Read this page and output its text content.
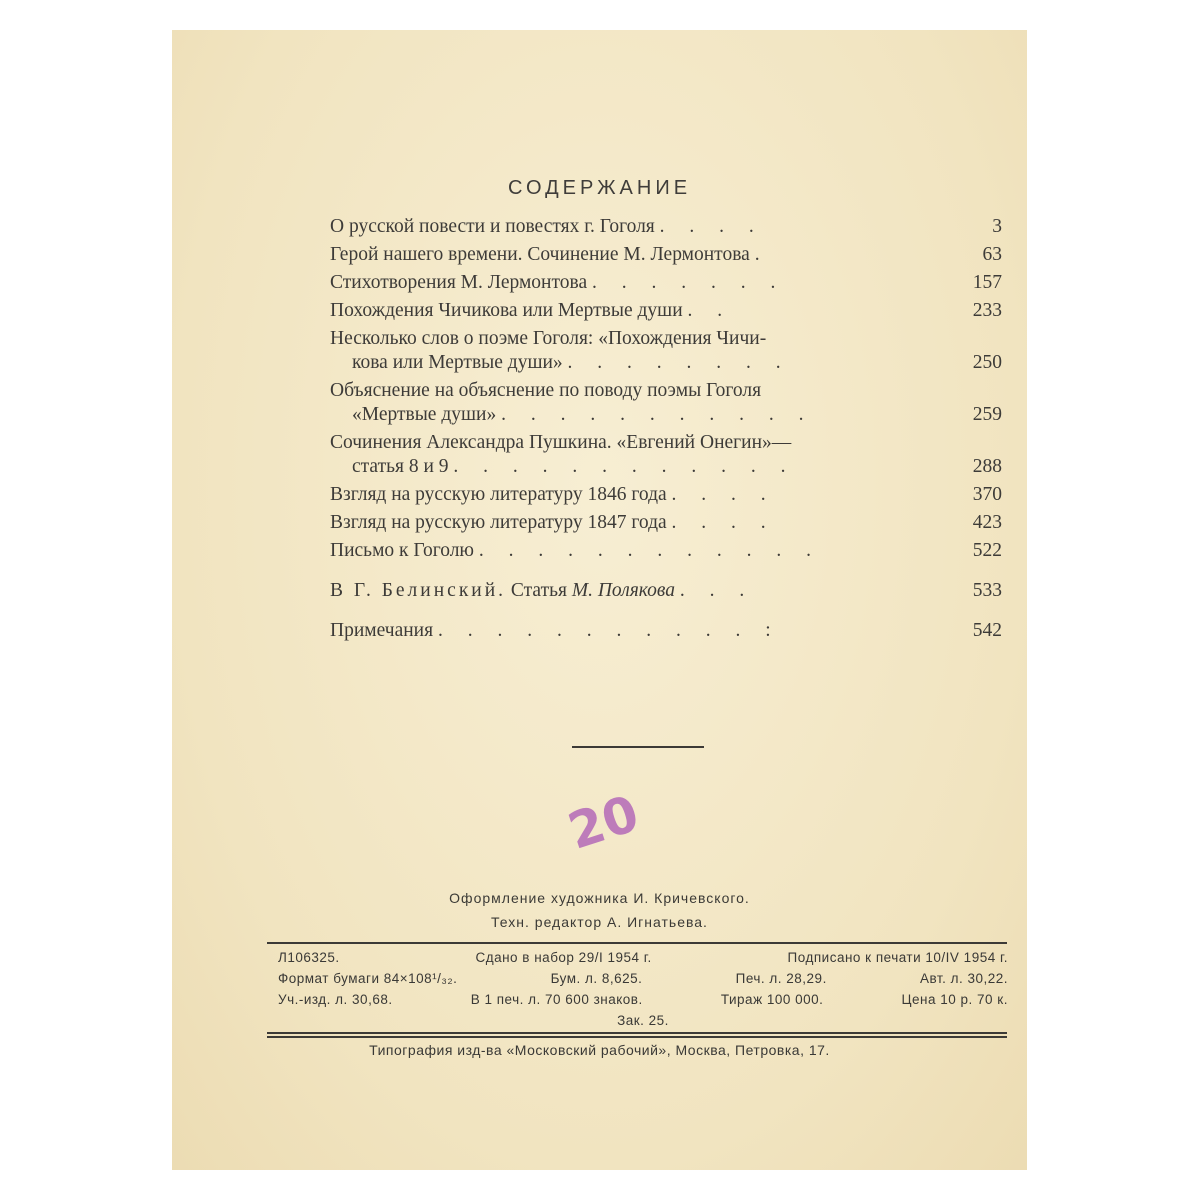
СОДЕРЖАНИЕ
О русской повести и повестях г. Гоголя . . . .	3
Герой нашего времени. Сочинение М. Лермонтова .	63
Стихотворения М. Лермонтова . . . . . . .	157
Похождения Чичикова или Мертвые души . .	233
Несколько слов о поэме Гоголя: «Похождения Чичи-
кова или Мертвые души» . . . . . . . .	250
Объяснение на объяснение по поводу поэмы Гоголя
«Мертвые души» . . . . . . . . . . .	259
Сочинения Александра Пушкина. «Евгений Онегин»—
статья 8 и 9 . . . . . . . . . . . .	288
Взгляд на русскую литературу 1846 года . . . .	370
Взгляд на русскую литературу 1847 года . . . .	423
Письмо к Гоголю . . . . . . . . . . . .	522
В Г. Белинский. Статья М. Полякова . . .	533
Примечания . . . . . . . . . . . :	542
20
Оформление художника И. Кричевского.
Техн. редактор А. Игнатьева.
Л106325.	Сдано в набор 29/I 1954 г.	Подписано к печати 10/IV 1954 г.
Формат бумаги 84×108¹/₃₂.	Бум. л. 8,625.	Печ. л. 28,29.	Авт. л. 30,22.
Уч.-изд. л. 30,68.	В 1 печ. л. 70 600 знаков.	Тираж 100 000.	Цена 10 р. 70 к.
Зак. 25.
Типография изд-ва «Московский рабочий», Москва, Петровка, 17.
